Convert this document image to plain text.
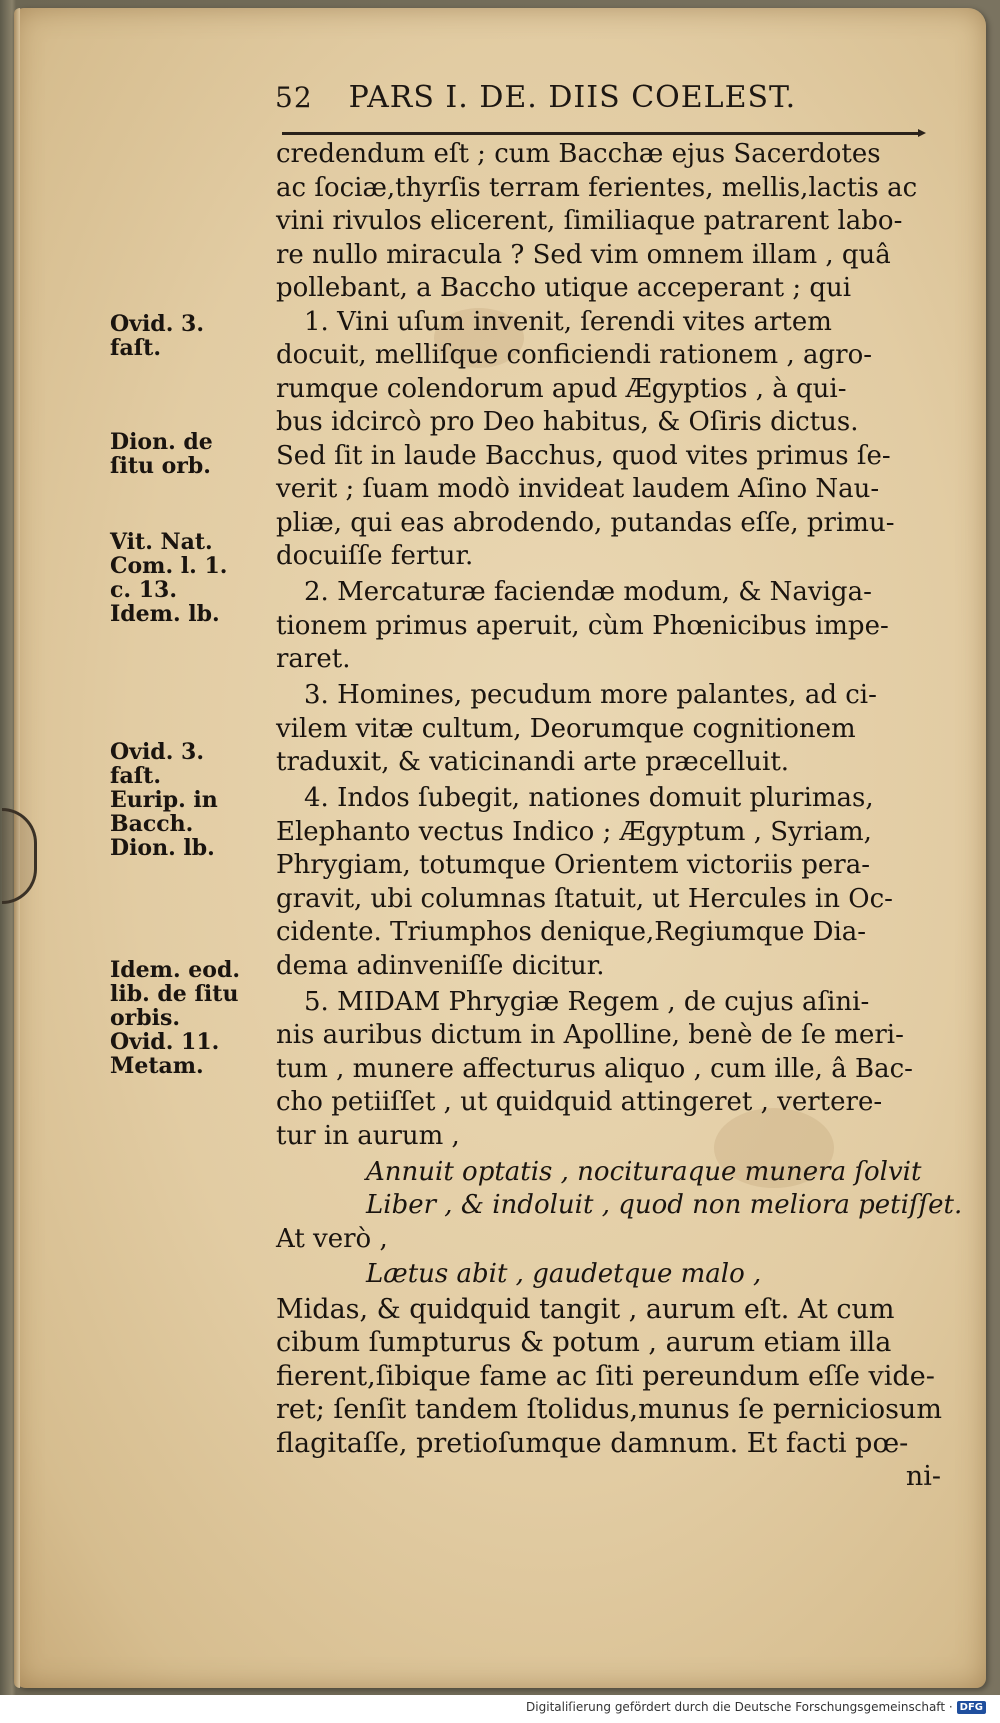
52 PARS I. DE. DIIS COELEST.
credendum eſt ; cum Bacchæ ejus Sacerdotes
ac ſociæ,thyrſis terram ferientes, mellis,lactis ac
vini rivulos elicerent, ſimiliaque patrarent labo-
re nullo miracula ? Sed vim omnem illam , quâ
pollebant, a Baccho utique acceperant ; qui
1. Vini uſum invenit, ſerendi vites artem
docuit, melliſque conficiendi rationem , agro-
rumque colendorum apud Ægyptios , à qui-
bus idcircò pro Deo habitus, & Oſiris dictus.
Sed ſit in laude Bacchus, quod vites primus ſe-
verit ; ſuam modò invideat laudem Aſino Nau-
pliæ, qui eas abrodendo, putandas eſſe, primu-
docuiſſe fertur.
2. Mercaturæ faciendæ modum, & Naviga-
tionem primus aperuit, cùm Phœnicibus impe-
raret.
3. Homines, pecudum more palantes, ad ci-
vilem vitæ cultum, Deorumque cognitionem
traduxit, & vaticinandi arte præcelluit.
4. Indos ſubegit, nationes domuit plurimas,
Elephanto vectus Indico ; Ægyptum , Syriam,
Phrygiam, totumque Orientem victoriis pera-
gravit, ubi columnas ſtatuit, ut Hercules in Oc-
cidente. Triumphos denique,Regiumque Dia-
dema adinveniſſe dicitur.
5. MIDAM Phrygiæ Regem , de cujus aſini-
nis auribus dictum in Apolline, benè de ſe meri-
tum , munere affecturus aliquo , cum ille, â Bac-
cho petiiſſet , ut quidquid attingeret , vertere-
tur in aurum ,
Annuit optatis , nocituraque munera ſolvit
Liber , & indoluit , quod non meliora petiſſet.
At verò ,
Lætus abit , gaudetque malo ,
Midas, & quidquid tangit , aurum eſt. At cum
cibum ſumpturus & potum , aurum etiam illa
fierent,ſibique fame ac ſiti pereundum eſſe vide-
ret; ſenſit tandem ſtolidus,munus ſe perniciosum
flagitaſſe, pretioſumque damnum. Et facti pœ-
ni-
Ovid. 3.
faſt.
Dion. de
ſitu orb.
Vit. Nat.
Com. l. 1.
c. 13.
Idem. lb.
Ovid. 3.
faſt.
Eurip. in
Bacch.
Dion. lb.
Idem. eod.
lib. de ſitu
orbis.
Ovid. 11.
Metam.
Digitaliſierung gefördert durch die Deutsche Forschungsgemeinschaft · DFG
